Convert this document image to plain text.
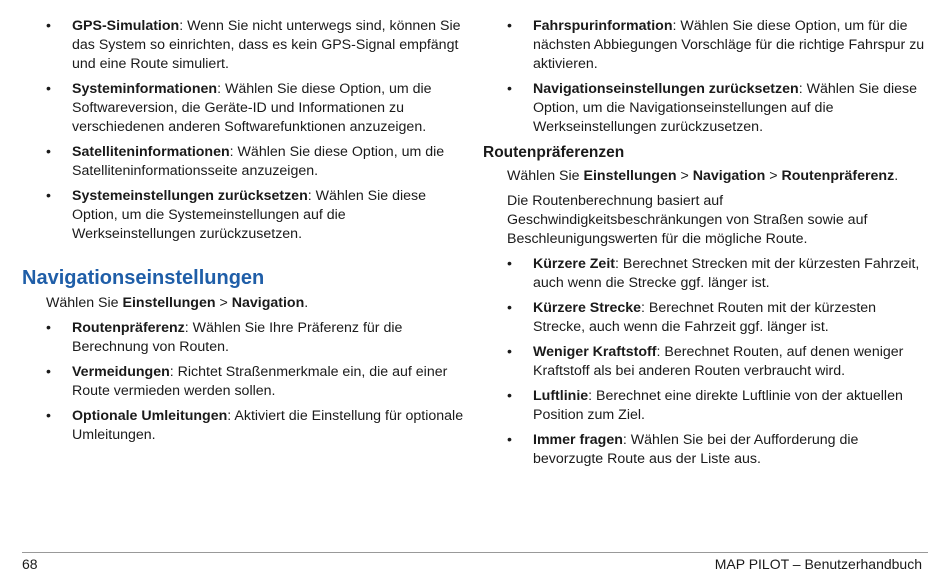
• GPS-Simulation: Wenn Sie nicht unterwegs sind, können Sie das System so einrichten, dass es kein GPS-Signal empfängt und eine Route simuliert.
• Systeminformationen: Wählen Sie diese Option, um die Softwareversion, die Geräte-ID und Informationen zu verschiedenen anderen Softwarefunktionen anzuzeigen.
• Satelliteninformationen: Wählen Sie diese Option, um die Satelliteninformationsseite anzuzeigen.
• Systemeinstellungen zurücksetzen: Wählen Sie diese Option, um die Systemeinstellungen auf die Werkseinstellungen zurückzusetzen.
Navigationseinstellungen

Wählen Sie Einstellungen > Navigation.

• Routenpräferenz: Wählen Sie Ihre Präferenz für die Berechnung von Routen.
• Vermeidungen: Richtet Straßenmerkmale ein, die auf einer Route vermieden werden sollen.
• Optionale Umleitungen: Aktiviert die Einstellung für optionale Umleitungen.
• Fahrspurinformation: Wählen Sie diese Option, um für die nächsten Abbiegungen Vorschläge für die richtige Fahrspur zu aktivieren.
• Navigationseinstellungen zurücksetzen: Wählen Sie diese Option, um die Navigationseinstellungen auf die Werkseinstellungen zurückzusetzen.
Routenpräferenzen

Wählen Sie Einstellungen > Navigation > Routenpräferenz.

Die Routenberechnung basiert auf Geschwindigkeitsbeschränkungen von Straßen sowie auf Beschleunigungswerten für die mögliche Route.

• Kürzere Zeit: Berechnet Strecken mit der kürzesten Fahrzeit, auch wenn die Strecke ggf. länger ist.
• Kürzere Strecke: Berechnet Routen mit der kürzesten Strecke, auch wenn die Fahrzeit ggf. länger ist.
• Weniger Kraftstoff: Berechnet Routen, auf denen weniger Kraftstoff als bei anderen Routen verbraucht wird.
• Luftlinie: Berechnet eine direkte Luftlinie von der aktuellen Position zum Ziel.
• Immer fragen: Wählen Sie bei der Aufforderung die bevorzugte Route aus der Liste aus.
68	MAP PILOT – Benutzerhandbuch
